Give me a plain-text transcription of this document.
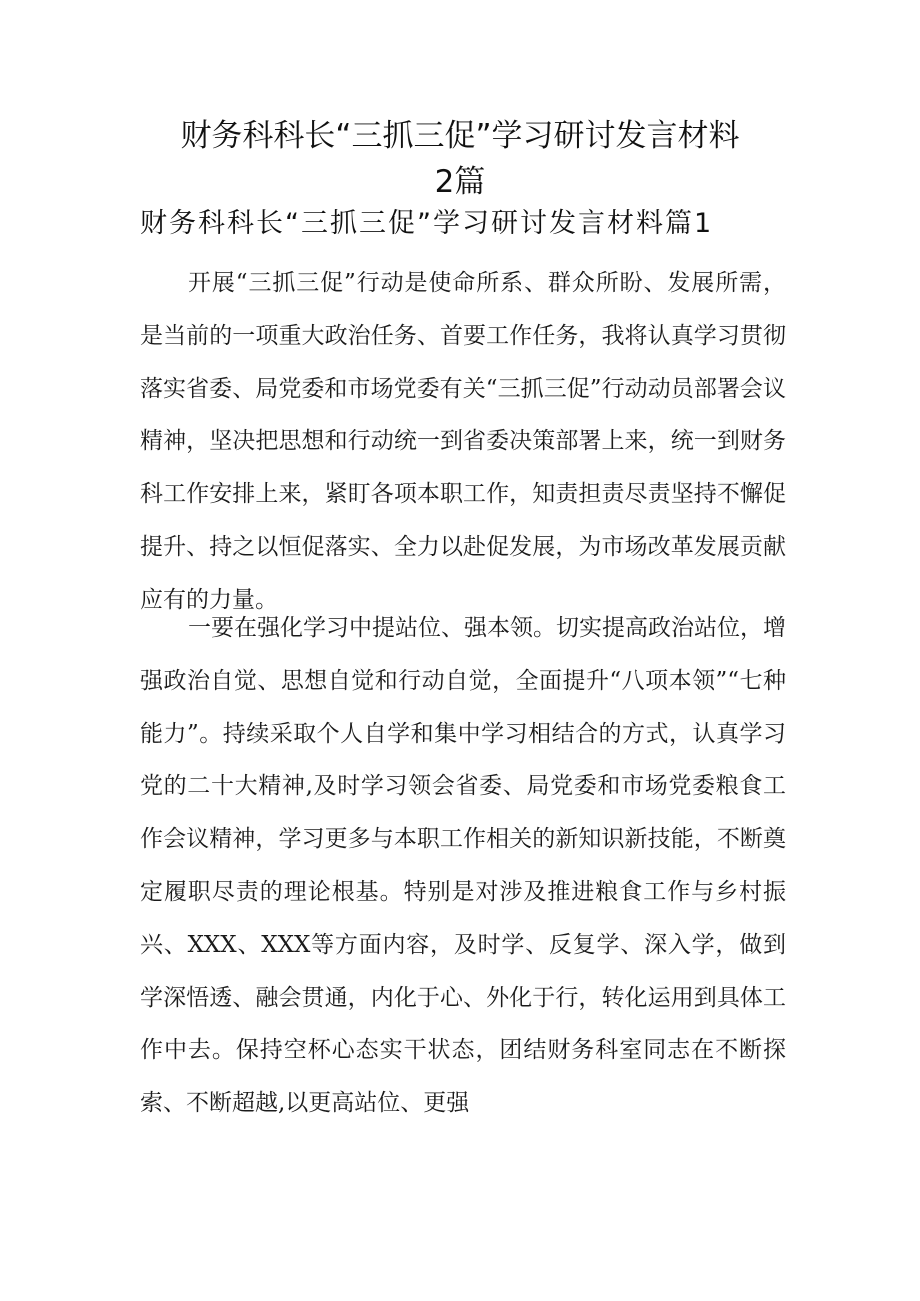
财务科科长“三抓三促”学习研讨发言材料
2篇
财务科科长“三抓三促”学习研讨发言材料篇1

开展“三抓三促”行动是使命所系、群众所盼、发展所需，是当前的一项重大政治任务、首要工作任务，我将认真学习贯彻落实省委、局党委和市场党委有关“三抓三促”行动动员部署会议精神，坚决把思想和行动统一到省委决策部署上来，统一到财务科工作安排上来，紧盯各项本职工作，知责担责尽责坚持不懈促提升、持之以恒促落实、全力以赴促发展，为市场改革发展贡献应有的力量。

一要在强化学习中提站位、强本领。切实提高政治站位，增强政治自觉、思想自觉和行动自觉，全面提升“八项本领”“七种能力”。持续采取个人自学和集中学习相结合的方式，认真学习党的二十大精神,及时学习领会省委、局党委和市场党委粮食工作会议精神，学习更多与本职工作相关的新知识新技能，不断奠定履职尽责的理论根基。特别是对涉及推进粮食工作与乡村振兴、XXX、XXX等方面内容，及时学、反复学、深入学，做到学深悟透、融会贯通，内化于心、外化于行，转化运用到具体工作中去。保持空杯心态实干状态，团结财务科室同志在不断探索、不断超越,以更高站位、更强
